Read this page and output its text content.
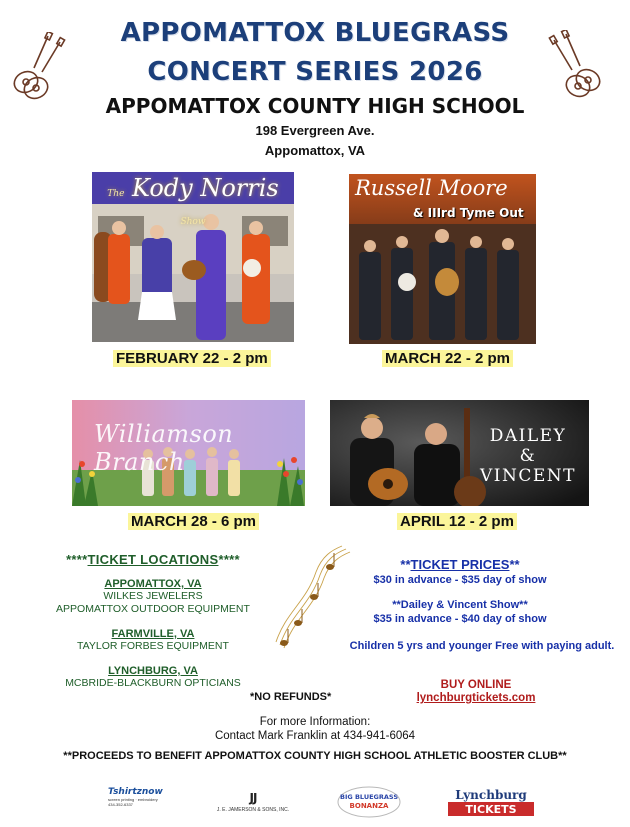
APPOMATTOX BLUEGRASS
CONCERT SERIES 2026
APPOMATTOX COUNTY HIGH SCHOOL
198 Evergreen Ave.
Appomattox, VA
The Kody Norris Show
Russell Moore
& IIIrd Tyme Out
Williamson Branch
DAILEY &
VINCENT
FEBRUARY 22 - 2 pm	MARCH 22 - 2 pm
MARCH 28 - 6 pm	APRIL 12 - 2 pm
****TICKET LOCATIONS****
APPOMATTOX, VA
WILKES JEWELERS
APPOMATTOX OUTDOOR EQUIPMENT
FARMVILLE, VA
TAYLOR FORBES EQUIPMENT
LYNCHBURG, VA
MCBRIDE-BLACKBURN OPTICIANS
**TICKET PRICES**
$30 in advance - $35 day of show
**Dailey & Vincent Show**
$35 in advance - $40 day of show
Children 5 yrs and younger Free with paying adult.
BUY ONLINE
lynchburgtickets.com
*NO REFUNDS*
For more Information:
Contact Mark Franklin at 434-941-6064
**PROCEEDS TO BENEFIT APPOMATTOX COUNTY HIGH SCHOOL ATHLETIC BOOSTER CLUB**
Tshirtznow
screen printing · embroidery
434-352-6337	JJ
J. E. JAMERSON & SONS, INC.
BIG BLUEGRASS
BONANZA
Lynchburg
TICKETS
